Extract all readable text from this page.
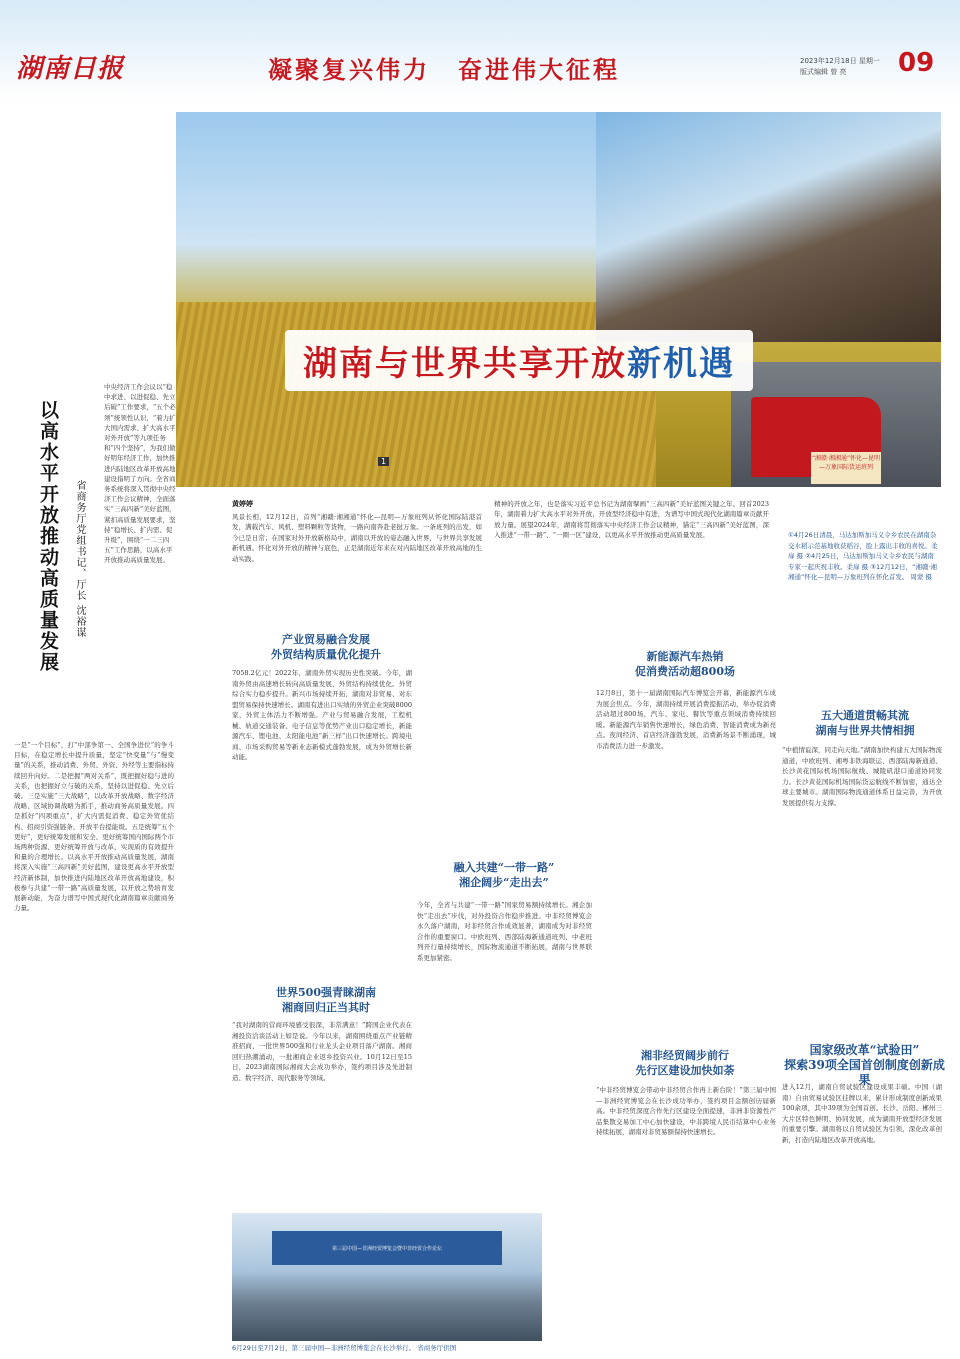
湖南日报	凝聚复兴伟力 奋进伟大征程	2023年12月18日 星期一
版式编辑 曾 亮	09
“湘赣·湘湘通”怀化—昆明—万象国际货运班列
1
湖南与世界共享开放新机遇
以高水平开放推动高质量发展 省商务厅党组书记、厅长 沈裕谋
中央经济工作会议以“稳中求进、以进促稳、先立后破”工作要求，“五个必须”统领性认识，“着力扩大国内需求、扩大高水平对外开放”等九项任务和“四个坚持”，为我们做好明年经济工作，加快推进内陆地区改革开放高地建设指明了方向。全省商务系统将深入贯彻中央经济工作会议精神，全面落实“三高四新”美好蓝图，紧扣高质量发展要求，坚持“稳增长、扩内需、促升级”，围绕“一二三四五”工作思路，以高水平开放推动高质量发展。
一是“一个目标”，打“中部争第一、全国争进位”的争斗目标，在稳定增长中提升质量，坚定“快变量”与“慢变量”的关系，推动消费、外贸、外资、外经等主要指标持续回升向好。二是把握“两对关系”，既把握好稳与进的关系，也把握好立与破的关系，坚持以进促稳、先立后破。三是实施“三大战略”，以改革开放战略、数字经济战略、区域协调战略为抓手，推动商务高质量发展。四是抓好“四项重点”，扩大内需促消费、稳定外贸优结构、招商引资强链条、开放平台提能级。五是统筹“五个更好”，更好统筹发展和安全、更好统筹国内国际两个市场两种资源、更好统筹开放与改革，实现质的有效提升和量的合理增长。以高水平开放推动高质量发展，湖南将深入实施“三高四新”美好蓝图，建设更高水平开放型经济新体制，加快推进内陆地区改革开放高地建设，积极参与共建“一带一路”高质量发展，以开放之势培育发展新动能，为奋力谱写中国式现代化湖南篇章贡献商务力量。
黄婷婷
风景长相，12月12日，首列“湘赣·湘湘通”怀化—昆明—万象班列从怀化国际陆港首发，满载汽车、风机、塑料颗粒等货物，一路向南奔赴老挝万象。一条班列的出发，如今已是日常；在国家对外开放新格局中，湖南以开放的姿态融入世界，与世界共享发展新机遇。怀化对外开放的精神与底色，正是湖南近年来在对内陆地区改革开放高地的生动实践。
精神的开放之年，也是落实习近平总书记为湖南擘画“三高四新”美好蓝图关键之年。回首2023年，湖南着力扩大高水平对外开放，开放型经济稳中有进，为谱写中国式现代化湖南篇章贡献开放力量。展望2024年，湖南将贯彻落实中央经济工作会议精神，锚定“三高四新”美好蓝图，深入推进“一带一路”、“一圈一区”建设，以更高水平开放推动更高质量发展。	①4月26日清晨，马达加斯加马义令乡农民在湖南杂交水稻示范基地收获稻谷，脸上露出丰收的喜悦。柔扉 摄 ②4月25日，马达加斯加马义令乡农民与湖南专家一起庆祝丰收。柔扉 摄 ③12月12日，“湘赣·湘湘通”怀化—昆明—万象班列在怀化首发。 周蒙 摄
产业贸易融合发展
外贸结构质量优化提升
7058.2亿元！2022年，湖南外贸实现历史性突破。今年，湖南外贸由高速增长转向高质量发展，外贸结构持续优化。外贸综合实力稳步提升。新兴市场持续开拓，湖南对非贸易、对东盟贸易保持快速增长。湖南有进出口实绩的外贸企业突破8000家，外贸主体活力不断增强。产业与贸易融合发展，工程机械、轨道交通装备、电子信息等优势产业出口稳定增长，新能源汽车、锂电池、太阳能电池“新三样”出口快速增长。跨境电商、市场采购贸易等新业态新模式蓬勃发展，成为外贸增长新动能。
世界500强青睐湖南
湘商回归正当其时
“我对湖南的营商环境感受很深，非常满意！”跨国企业代表在湘投资洽谈活动上如是说。今年以来，湖南围绕重点产业链精准招商，一批世界500强和行业龙头企业项目落户湖南。湘商回归热潮涌动，一批湘商企业返乡投资兴业。10月12日至15日，2023湖南国际湘商大会成功举办，签约项目涉及先进制造、数字经济、现代服务等领域。
融入共建“一带一路”
湘企阔步“走出去”
今年，全省与共建“一带一路”国家贸易额持续增长。湘企加快“走出去”步伐，对外投资合作稳步推进。中非经贸博览会永久落户湖南，对非经贸合作成效显著，湖南成为对非经贸合作的重要窗口。中欧班列、西部陆海新通道班列、中老班列开行量持续增长，国际物流通道不断拓展，湖南与世界联系更加紧密。
新能源汽车热销
促消费活动超800场
12月8日，第十一届湖南国际汽车博览会开幕，新能源汽车成为展会焦点。今年，湖南持续开展消费提振活动，举办促消费活动超过800场，汽车、家电、餐饮等重点领域消费持续回暖。新能源汽车销售快速增长，绿色消费、智能消费成为新亮点。夜间经济、首店经济蓬勃发展，消费新场景不断涌现，城市消费活力进一步激发。
湘非经贸阔步前行
先行区建设加快如荼
“中非经贸博览会带动中非经贸合作再上新台阶！”第三届中国—非洲经贸博览会在长沙成功举办，签约项目金额创历届新高。中非经贸深度合作先行区建设全面提速，非洲非资源性产品集散交易加工中心加快建设，中非跨境人民币结算中心业务持续拓展，湖南对非贸易额保持快速增长。
五大通道贯畅其流
湖南与世界共情相拥
“中植情谊深，同走向天地。”湖南加快构建五大国际物流通道，中欧班列、湘粤非铁海联运、西部陆海新通道、长沙黄花国际机场国际航线、城陵矶港口通道协同发力。长沙黄花国际机场国际货运航线不断加密，通达全球主要城市。湖南国际物流通道体系日益完善，为开放发展提供有力支撑。
国家级改革“试验田”
探索39项全国首创制度创新成果
进入12月，湖南自贸试验区建设成果丰硕。中国（湖南）自由贸易试验区挂牌以来，累计形成制度创新成果100余项，其中39项为全国首创。长沙、岳阳、郴州三大片区特色鲜明、协同发展，成为湖南开放型经济发展的重要引擎。湖南将以自贸试验区为引领，深化改革创新，打造内陆地区改革开放高地。
第三届中国—非洲经贸博览会暨中非经贸合作论坛
6月29日至7月2日，第三届中国—非洲经贸博览会在长沙举行。 省商务厅供图
